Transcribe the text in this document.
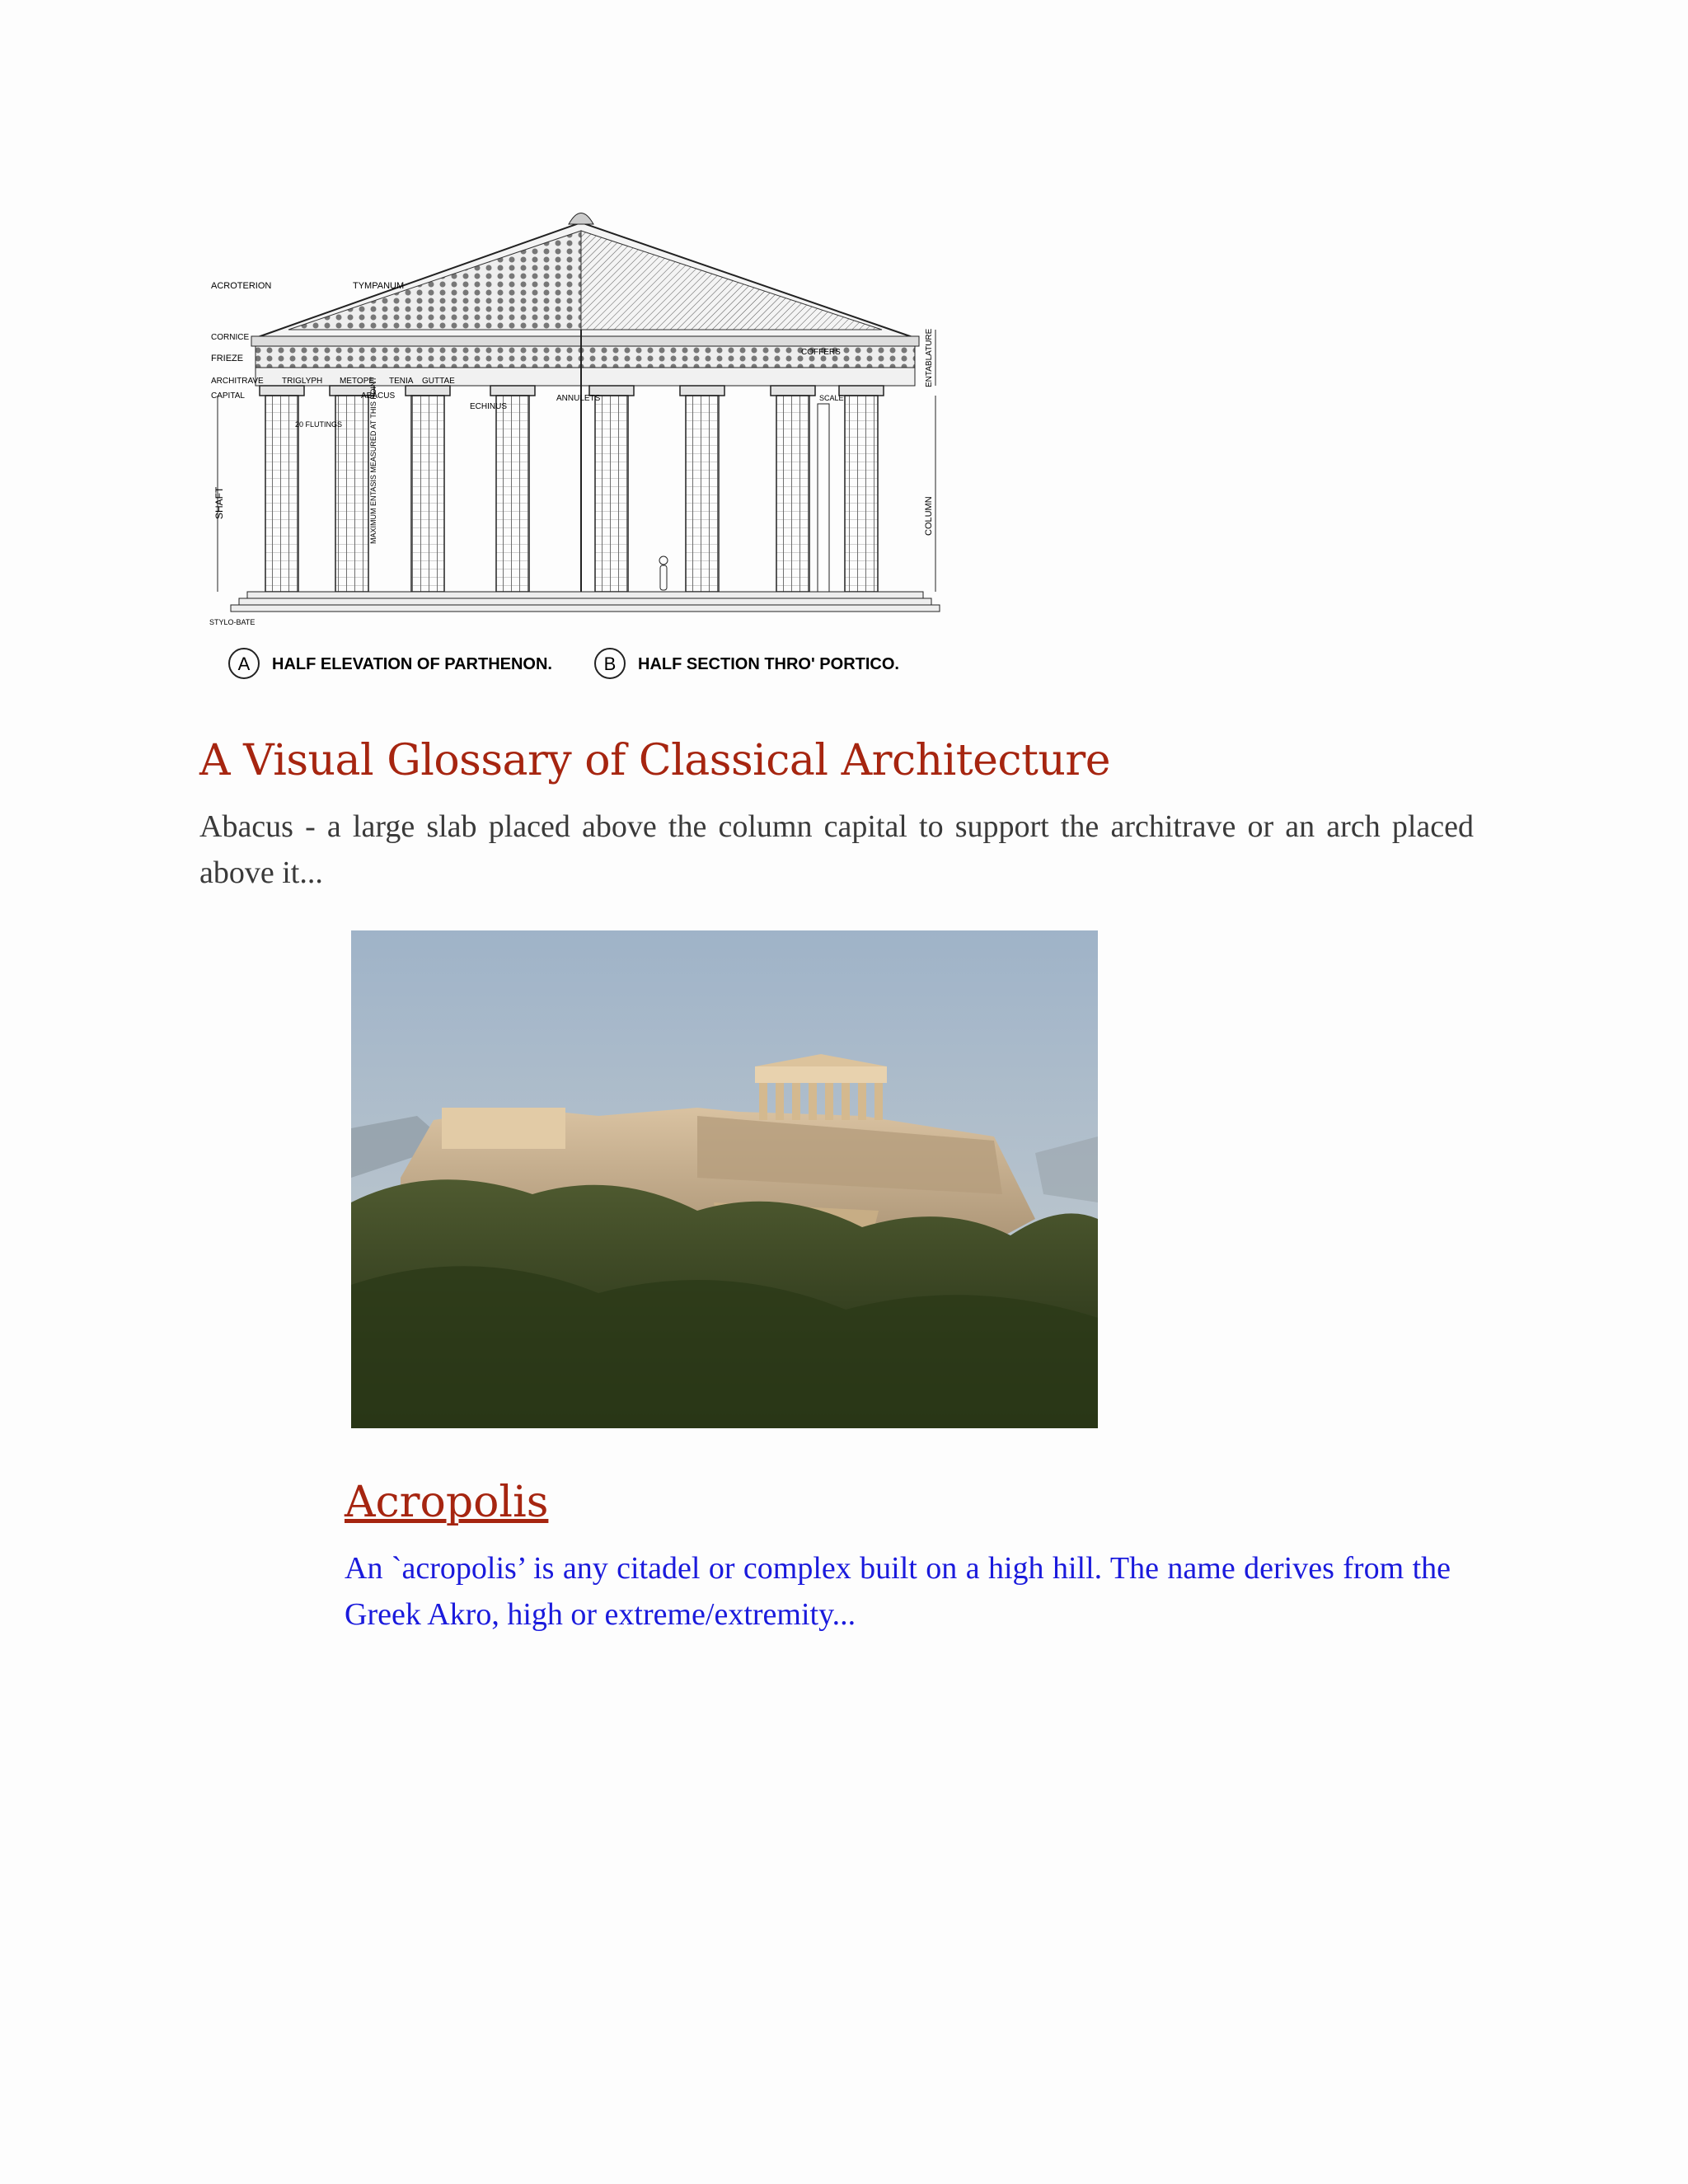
ACROTERION	TYMPANUM
CORNICE
FRIEZE
ARCHITRAVE
CAPITAL
TRIGLYPH METOPE TENIA GUTTAE
ABACUS
ECHINUS
ANNULETS
COFFERS
SCALE
20 FLUTINGS	MAXIMUM ENTASIS MEASURED AT THIS POINT
SHAFT
STYLO-BATE
ENTABLATURE
COLUMN
A HALF ELEVATION OF PARTHENON.	B HALF SECTION THRO' PORTICO.
A Visual Glossary of Classical Architecture

Abacus - a large slab placed above the column capital to support the architrave or an arch placed above it...

Acropolis

An `acropolis’ is any citadel or complex built on a high hill. The name derives from the Greek Akro, high or extreme/extremity...
